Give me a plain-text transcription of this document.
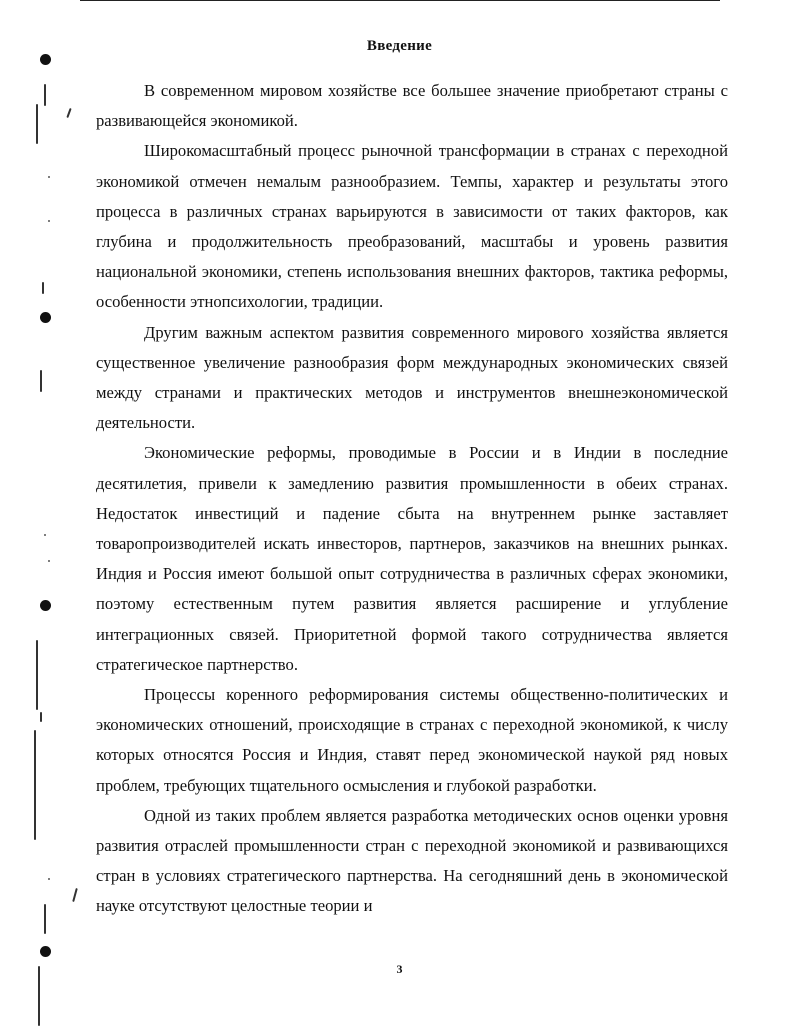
Введение

В современном мировом хозяйстве все большее значение приобретают страны с развивающейся экономикой.

Широкомасштабный процесс рыночной трансформации в странах с переходной экономикой отмечен немалым разнообразием. Темпы, характер и результаты этого процесса в различных странах варьируются в зависимости от таких факторов, как глубина и продолжительность преобразований, масштабы и уровень развития национальной экономики, степень использования внешних факторов, тактика реформы, особенности этнопсихологии, традиции.

Другим важным аспектом развития современного мирового хозяйства является существенное увеличение разнообразия форм международных экономических связей между странами и практических методов и инструментов внешнеэкономической деятельности.

Экономические реформы, проводимые в России и в Индии в последние десятилетия, привели к замедлению развития промышленности в обеих странах. Недостаток инвестиций и падение сбыта на внутреннем рынке заставляет товаропроизводителей искать инвесторов, партнеров, заказчиков на внешних рынках. Индия и Россия имеют большой опыт сотрудничества в различных сферах экономики, поэтому естественным путем развития является расширение и углубление интеграционных связей. Приоритетной формой такого сотрудничества является стратегическое партнерство.

Процессы коренного реформирования системы общественно-политических и экономических отношений, происходящие в странах с переходной экономикой, к числу которых относятся Россия и Индия, ставят перед экономической наукой ряд новых проблем, требующих тщательного осмысления и глубокой разработки.

Одной из таких проблем является разработка методических основ оценки уровня развития отраслей промышленности стран с переходной экономикой и развивающихся стран в условиях стратегического партнерства. На сегодняшний день в экономической науке отсутствуют целостные теории и

3
